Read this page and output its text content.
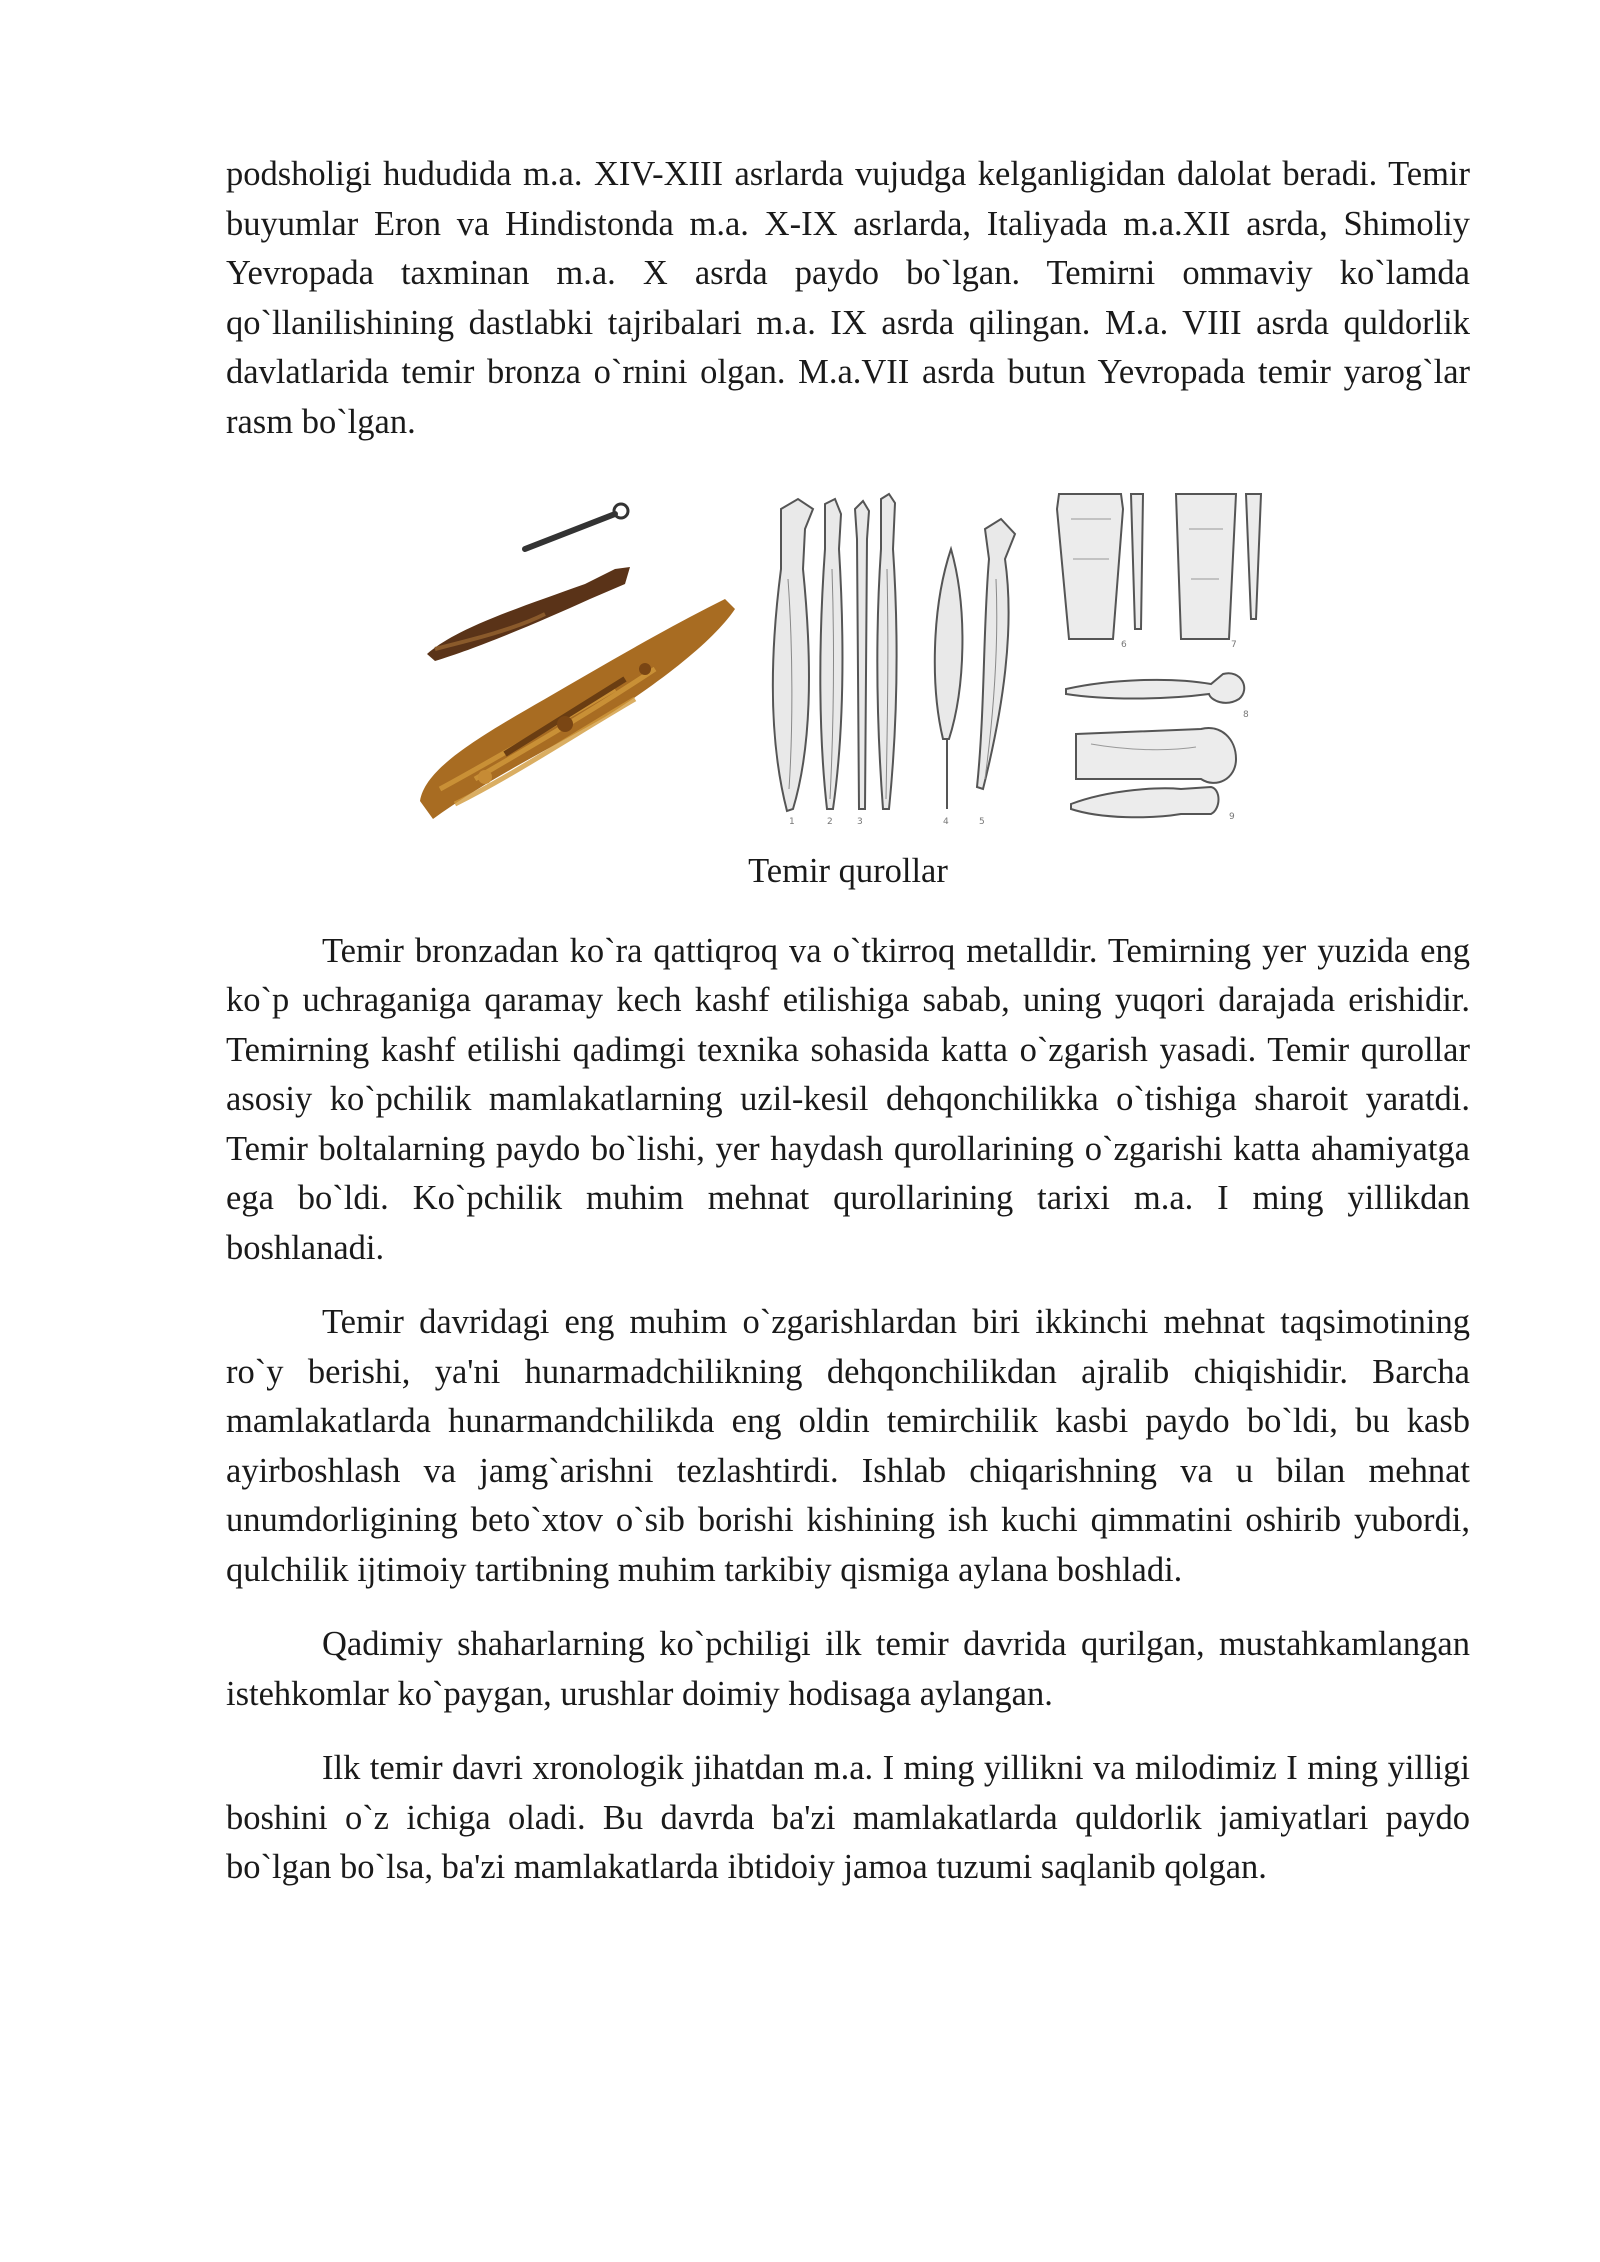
podsholigi hududida m.a. XIV-XIII asrlarda vujudga kelganligidan dalolat beradi. Temir buyumlar Eron va Hindistonda m.a. X-IX asrlarda, Italiyada m.a.XII asrda, Shimoliy Yevropada taxminan m.a. X asrda paydo bo`lgan. Temirni ommaviy ko`lamda qo`llanilishining dastlabki tajribalari m.a. IX asrda qilingan. M.a. VIII asrda quldorlik davlatlarida temir bronza o`rnini olgan. M.a.VII asrda butun Yevropada temir yarog`lar rasm bo`lgan.

1	2	3	4	5
6	7
8
9

Temir qurollar

Temir bronzadan ko`ra qattiqroq va o`tkirroq metalldir. Temirning yer yuzida eng ko`p uchraganiga qaramay kech kashf etilishiga sabab, uning yuqori darajada erishidir. Temirning kashf etilishi qadimgi texnika sohasida katta o`zgarish yasadi. Temir qurollar asosiy ko`pchilik mamlakatlarning uzil-kesil dehqonchilikka o`tishiga sharoit yaratdi. Temir boltalarning paydo bo`lishi, yer haydash qurollarining o`zgarishi katta ahamiyatga ega bo`ldi. Ko`pchilik muhim mehnat qurollarining tarixi m.a. I ming yillikdan boshlanadi.

Temir davridagi eng muhim o`zgarishlardan biri ikkinchi mehnat taqsimotining ro`y berishi, ya'ni hunarmadchilikning dehqonchilikdan ajralib chiqishidir. Barcha mamlakatlarda hunarmandchilikda eng oldin temirchilik kasbi paydo bo`ldi, bu kasb ayirboshlash va jamg`arishni tezlashtirdi. Ishlab chiqarishning va u bilan mehnat unumdorligining beto`xtov o`sib borishi kishining ish kuchi qimmatini oshirib yubordi, qulchilik ijtimoiy tartibning muhim tarkibiy qismiga aylana boshladi.

Qadimiy shaharlarning ko`pchiligi ilk temir davrida qurilgan, mustahkamlangan istehkomlar ko`paygan, urushlar doimiy hodisaga aylangan.

Ilk temir davri xronologik jihatdan m.a. I ming yillikni va milodimiz I ming yilligi boshini o`z ichiga oladi. Bu davrda ba'zi mamlakatlarda quldorlik jamiyatlari paydo bo`lgan bo`lsa, ba'zi mamlakatlarda ibtidoiy jamoa tuzumi saqlanib qolgan.
